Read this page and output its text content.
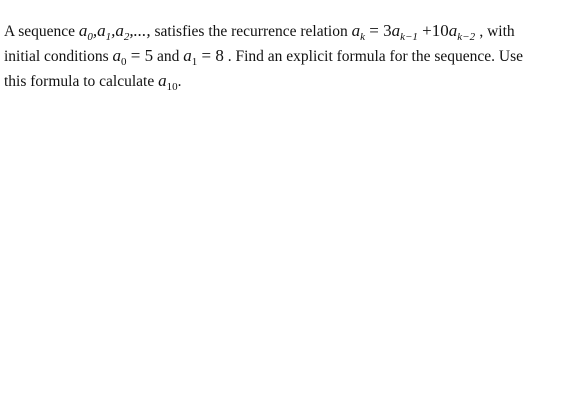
A sequence $a_0,a_1,a_2$,..., satisfies the recurrence relation $a_k = 3a_{k-1} +10a_{k-2}$ , with
initial conditions $a_0 = 5$ and $a_1 = 8$ . Find an explicit formula for the sequence. Use
this formula to calculate $a_{10}$.
